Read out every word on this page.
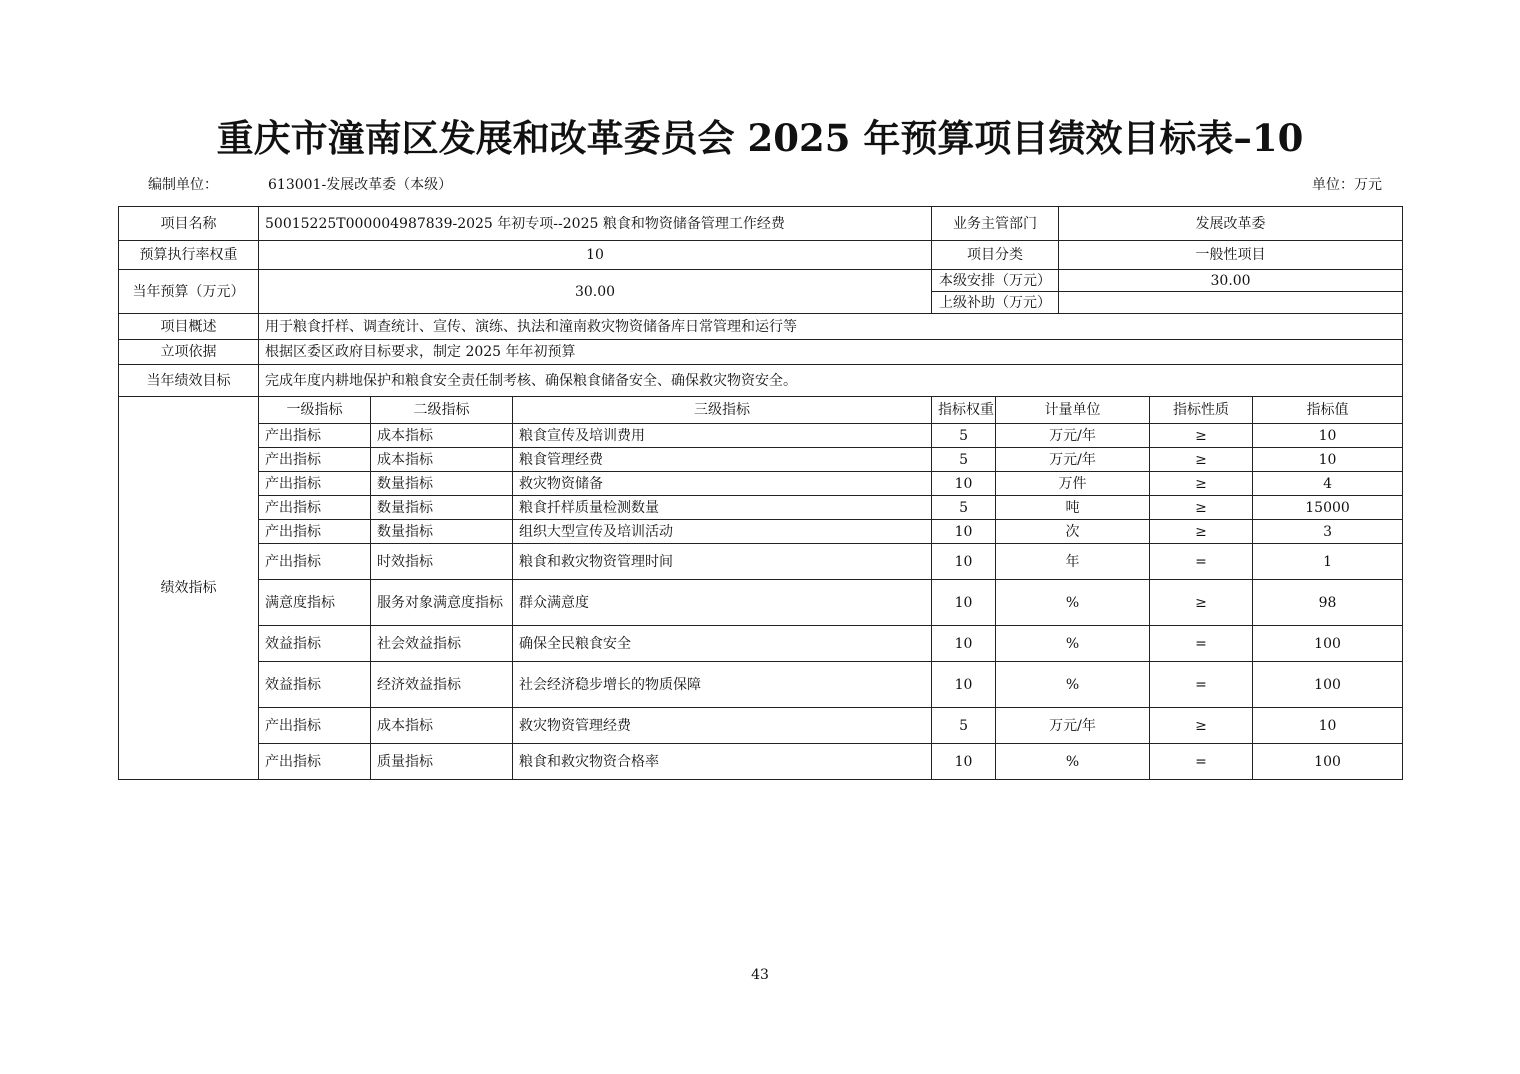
重庆市潼南区发展和改革委员会 2025 年预算项目绩效目标表–10
编制单位：	613001-发展改革委（本级）	单位：万元
项目名称	50015225T000004987839-2025 年初专项--2025 粮食和物资储备管理工作经费			业务主管部门		发展改革委			
预算执行率权重	10			项目分类		一般性项目			
当年预算（万元）	30.00			本级安排（万元）		30.00			
				上级补助（万元）					
项目概述	用于粮食扦样、调查统计、宣传、演练、执法和潼南救灾物资储备库日常管理和运行等								
立项依据	根据区委区政府目标要求，制定 2025 年年初预算								
当年绩效目标	完成年度内耕地保护和粮食安全责任制考核、确保粮食储备安全、确保救灾物资安全。								
绩效指标	一级指标	二级指标	三级指标	指标权重	计量单位		指标性质	指标值	
	产出指标	成本指标	粮食宣传及培训费用	5	万元/年		≥	10	
	产出指标	成本指标	粮食管理经费	5	万元/年		≥	10	
	产出指标	数量指标	救灾物资储备	10	万件		≥	4	
	产出指标	数量指标	粮食扦样质量检测数量	5	吨		≥	15000	
	产出指标	数量指标	组织大型宣传及培训活动	10	次		≥	3	
	产出指标	时效指标	粮食和救灾物资管理时间	10	年		=	1	
	满意度指标	服务对象满意度指标	群众满意度	10	%		≥	98	
	效益指标	社会效益指标	确保全民粮食安全	10	%		=	100	
	效益指标	经济效益指标	社会经济稳步增长的物质保障	10	%		=	100	
	产出指标	成本指标	救灾物资管理经费	5	万元/年		≥	10	
	产出指标	质量指标	粮食和救灾物资合格率	10	%		=	100	
43
